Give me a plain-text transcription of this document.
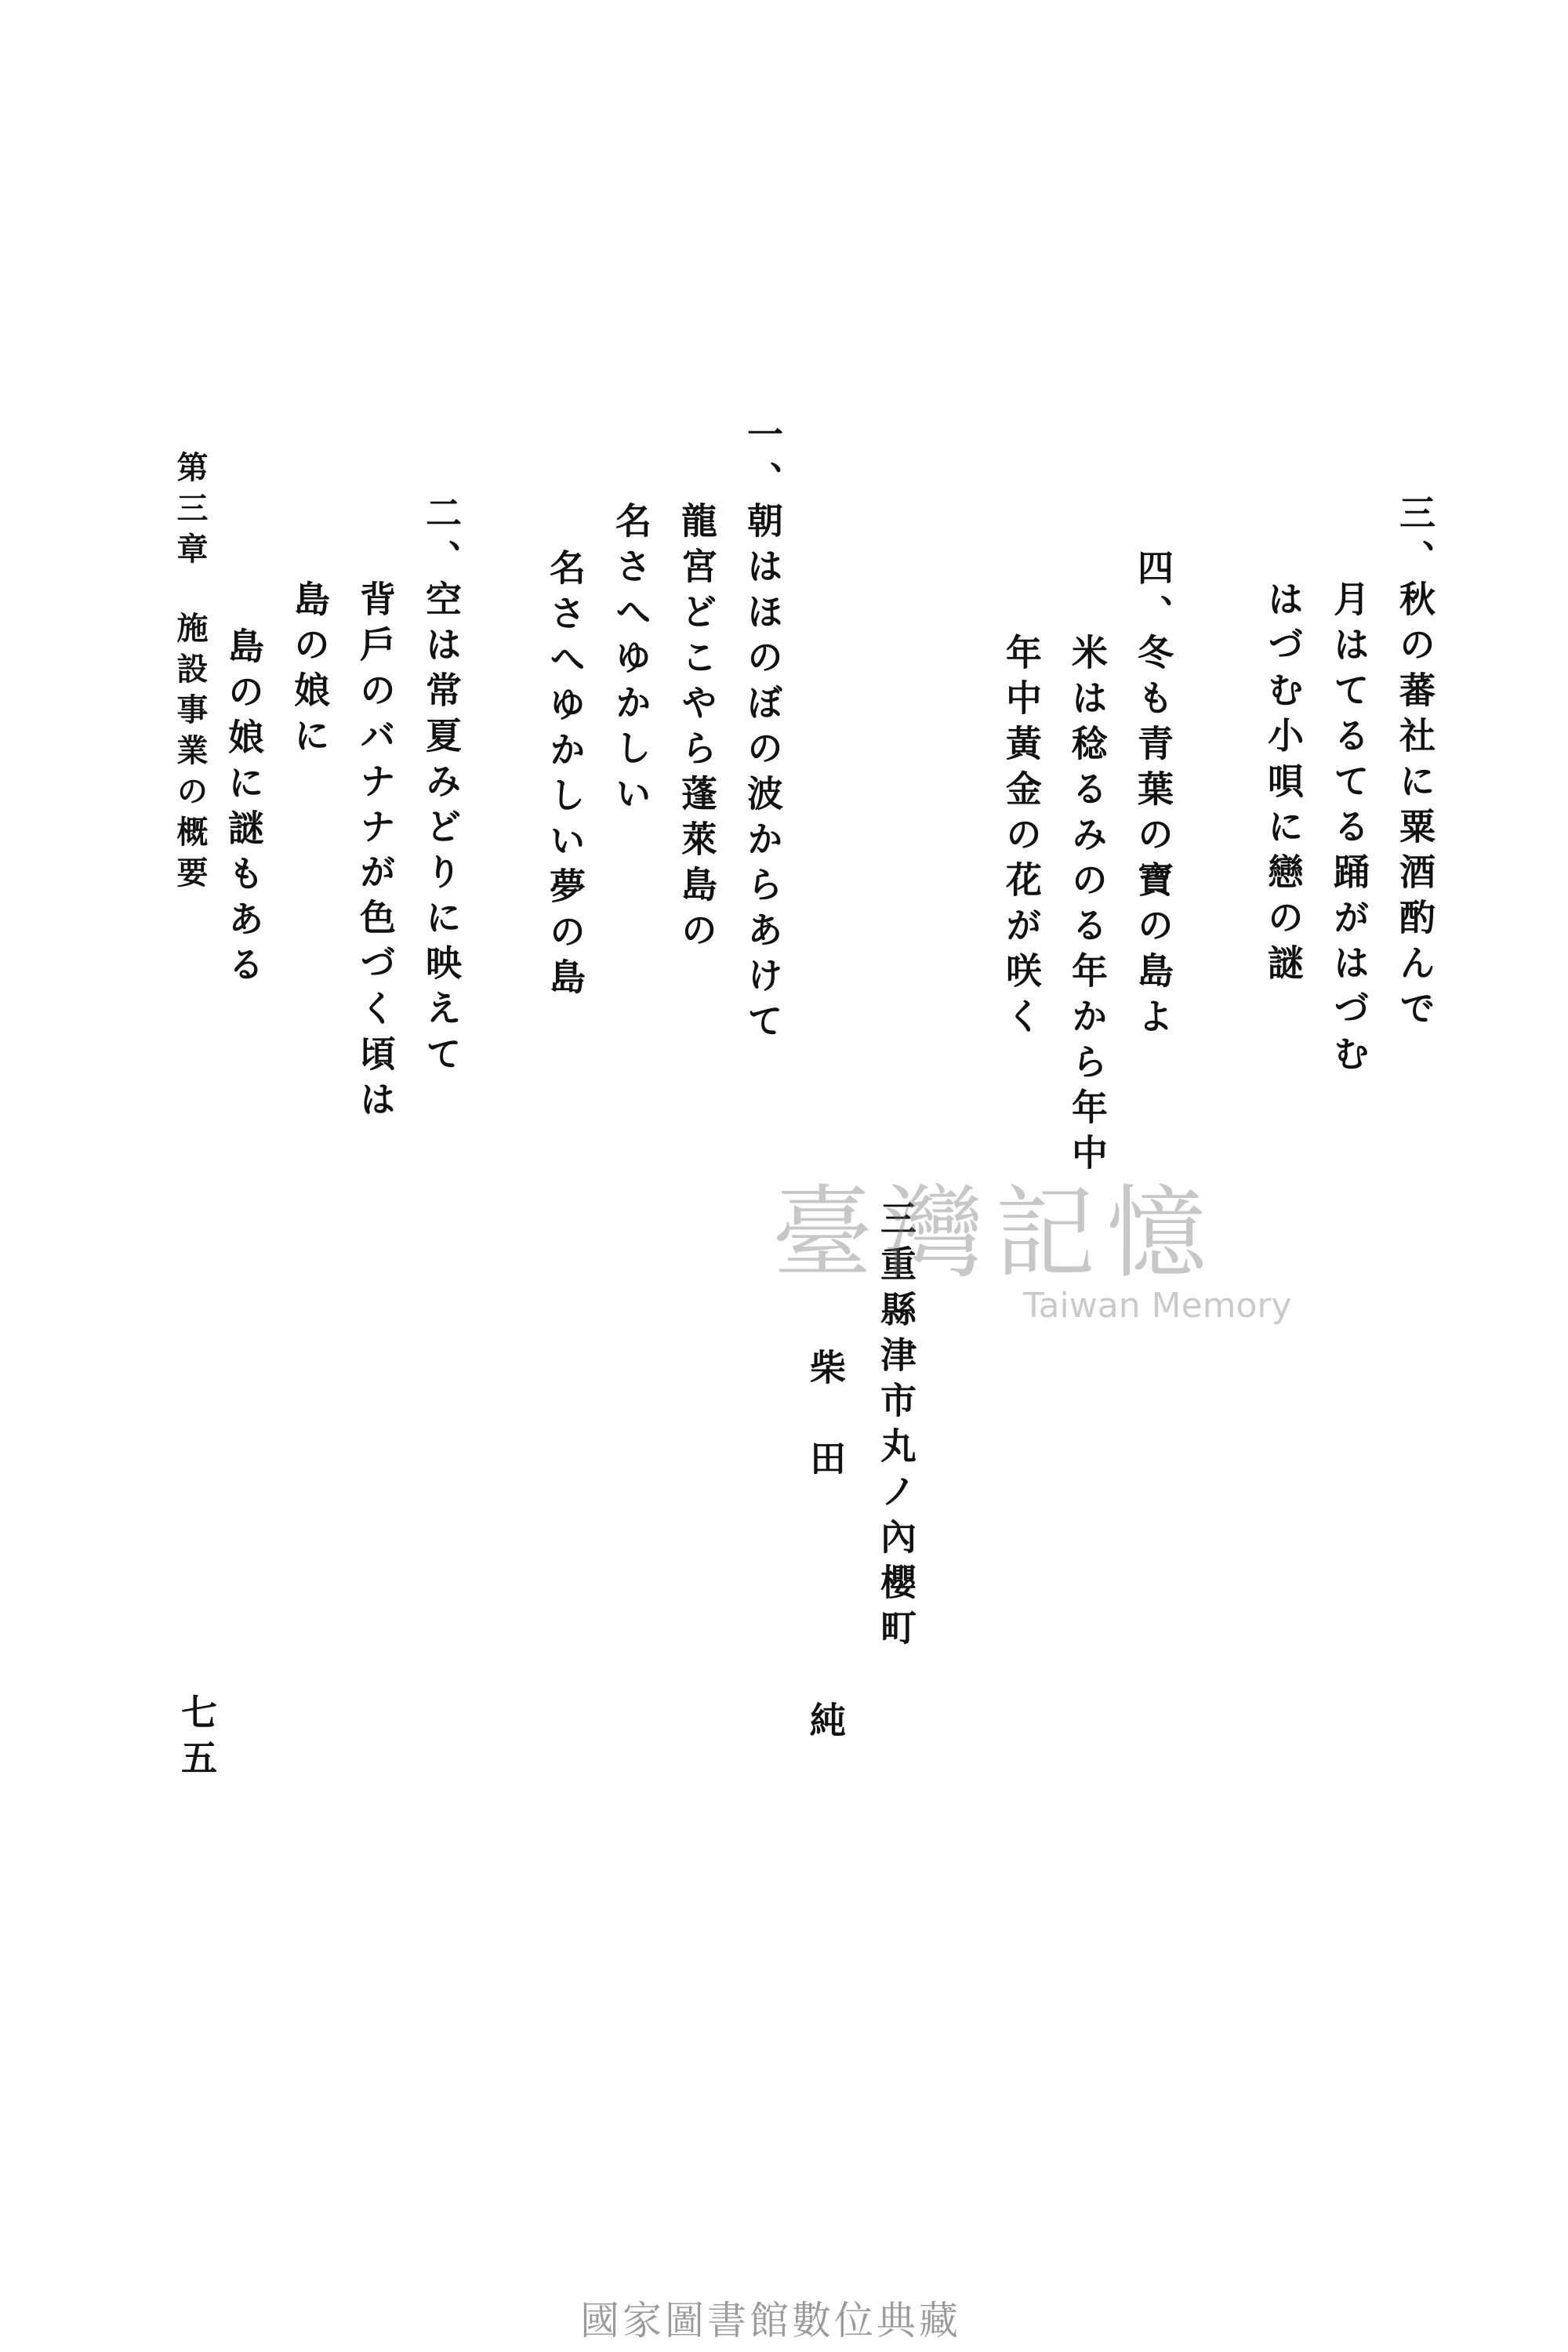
三、
秋の蕃社に粟酒酌んで
月はてるてる踊がはづむ
はづむ小唄に戀の謎
四、
冬も青葉の寶の島よ
米は稔るみのる年から年中
年中黃金の花が咲く
三重縣津市丸ノ內櫻町
柴　田
純
一、
朝はほのぼの波からあけて
龍宮どこやら蓬萊島の
名さへゆかしい
名さへゆかしい夢の島
二、
空は常夏みどりに映えて
背戶のバナナが色づく頃は
島の娘に
島の娘に謎もある
第三章
施設事業の概要
七五
臺灣記憶
Taiwan Memory
國家圖書館數位典藏
